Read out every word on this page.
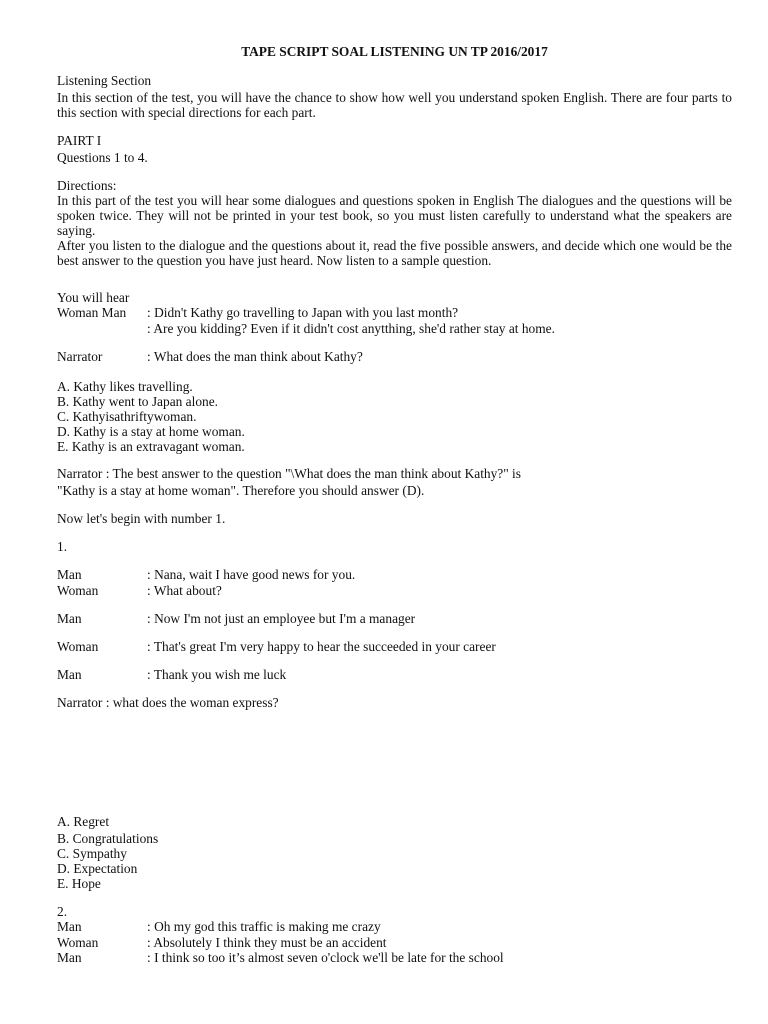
TAPE SCRIPT SOAL LISTENING UN TP 2016/2017

Listening Section

In this section of the test, you will have the chance to show how well you understand spoken English. There are four parts to this section with special directions for each part.

PAIRT I

Questions 1 to 4.

Directions:

In this part of the test you will hear some dialogues and questions spoken in English The dialogues and the questions will be spoken twice. They will not be printed in your test book, so you must listen carefully to understand what the speakers are saying.

After you listen to the dialogue and the questions about it, read the five possible answers, and decide which one would be the best answer to the question you have just heard. Now listen to a sample question.

You will hear

Woman Man	: Didn't Kathy go travelling to Japan with you last month?
: Are you kidding? Even if it didn't cost anytthing, she'd rather stay at home.
Narrator	: What does the man think about Kathy?

A. Kathy likes travelling.

B. Kathy went to Japan alone.

C. Kathyisathriftywoman.

D. Kathy is a stay at home woman.

E. Kathy is an extravagant woman.

Narrator : The best answer to the question "\What does the man think about Kathy?" is

"Kathy is a stay at home woman". Therefore you should answer (D).

Now let's begin with number 1.

1.

Man	: Nana, wait I have good news for you.
Woman	: What about?
Man	: Now I'm not just an employee but I'm a manager
Woman	: That's great I'm very happy to hear the succeeded in your career
Man	: Thank you wish me luck

Narrator : what does the woman express?

A. Regret

B. Congratulations

C. Sympathy

D. Expectation

E. Hope

2.

Man	: Oh my god this traffic is making me crazy
Woman	: Absolutely I think they must be an accident
Man	: I think so too it’s almost seven o'clock we'll be late for the school
